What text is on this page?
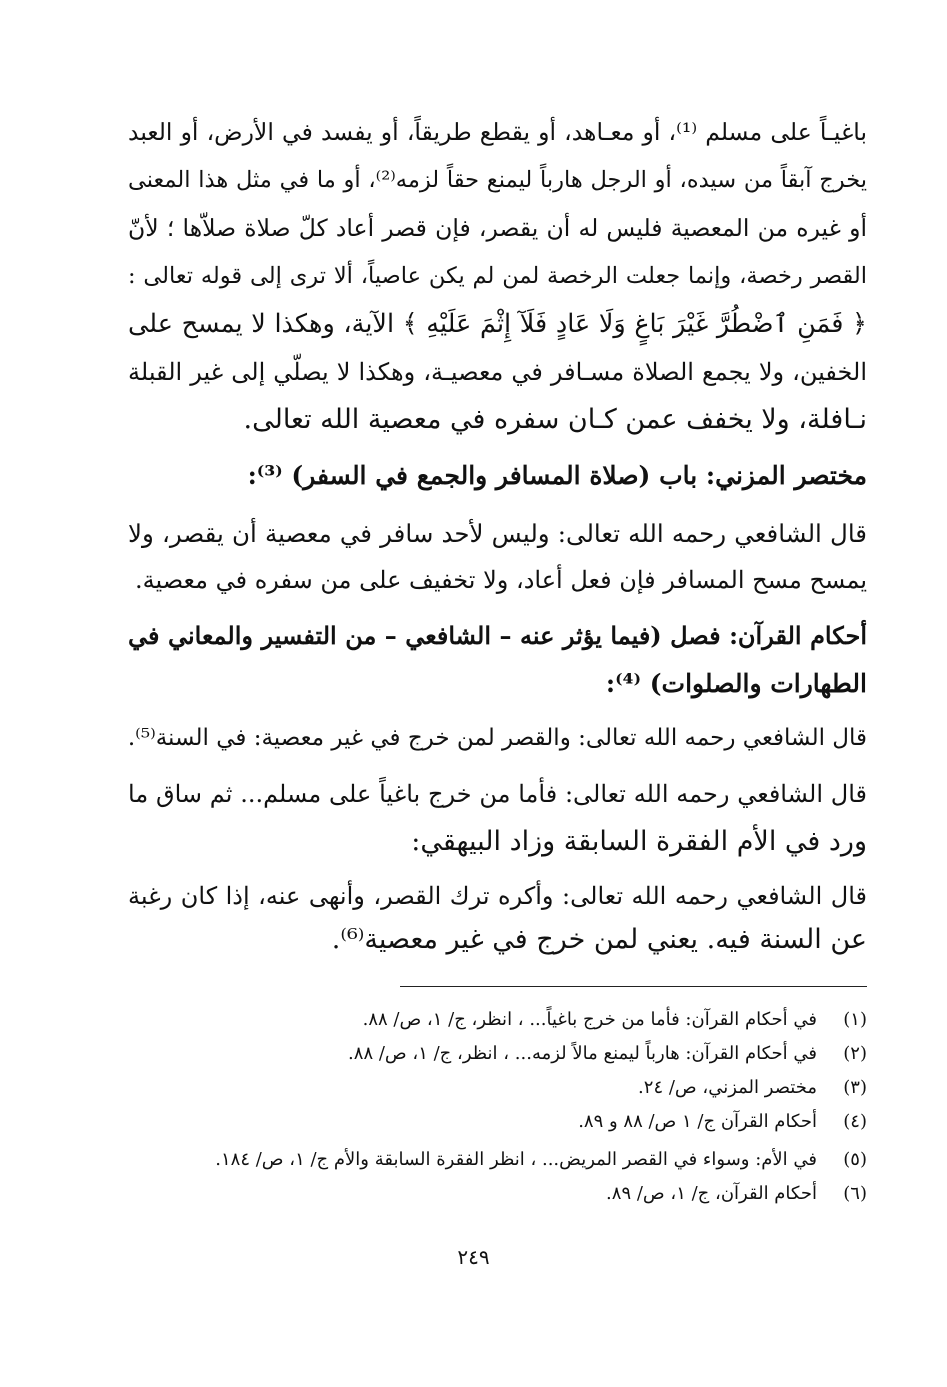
باغيـاً على مسلم ⁽¹⁾، أو معـاهد، أو يقطع طريقاً، أو يفسد في الأرض، أو العبد
يخرج آبقاً من سيده، أو الرجل هارباً ليمنع حقاً لزمه⁽²⁾، أو ما في مثل هذا المعنى
أو غيره من المعصية فليس له أن يقصر، فإن قصر أعاد كلّ صلاة صلاّها ؛ لأنّ
القصر رخصة، وإنما جعلت الرخصة لمن لم يكن عاصياً، ألا ترى إلى قوله تعالى :
﴿ فَمَنِ ٱضْطُرَّ غَيْرَ بَاغٍ وَلَا عَادٍ فَلَآ إِثْمَ عَلَيْهِ ﴾ الآية، وهكذا لا يمسح على
الخفين، ولا يجمع الصلاة مسـافر في معصيـة، وهكذا لا يصلّي إلى غير القبلة
نـافلة، ولا يخفف عمن كـان سفره في معصية الله تعالى.
مختصر المزني: باب (صلاة المسافر والجمع في السفر) ⁽³⁾:
قال الشافعي رحمه الله تعالى: وليس لأحد سافر في معصية أن يقصر، ولا
يمسح مسح المسافر فإن فعل أعاد، ولا تخفيف على من سفره في معصية.
أحكام القرآن: فصل (فيما يؤثر عنه – الشافعي – من التفسير والمعاني في
الطهارات والصلوات) ⁽⁴⁾:
قال الشافعي رحمه الله تعالى: والقصر لمن خرج في غير معصية: في السنة⁽⁵⁾.
قال الشافعي رحمه الله تعالى: فأما من خرج باغياً على مسلم... ثم ساق ما
ورد في الأم الفقرة السابقة وزاد البيهقي:
قال الشافعي رحمه الله تعالى: وأكره ترك القصر، وأنهى عنه، إذا كان رغبة
عن السنة فيه. يعني لمن خرج في غير معصية⁽⁶⁾.
(١)في أحكام القرآن: فأما من خرج باغياً... ، انظر، ج/ ١، ص/ ٨٨.
(٢)في أحكام القرآن: هارباً ليمنع مالاً لزمه... ، انظر، ج/ ١، ص/ ٨٨.
(٣)مختصر المزني، ص/ ٢٤.
(٤)أحكام القرآن ج/ ١ ص/ ٨٨ و ٨٩.
(٥)في الأم: وسواء في القصر المريض... ، انظر الفقرة السابقة والأم ج/ ١، ص/ ١٨٤.
(٦)أحكام القرآن، ج/ ١، ص/ ٨٩.
٢٤٩
